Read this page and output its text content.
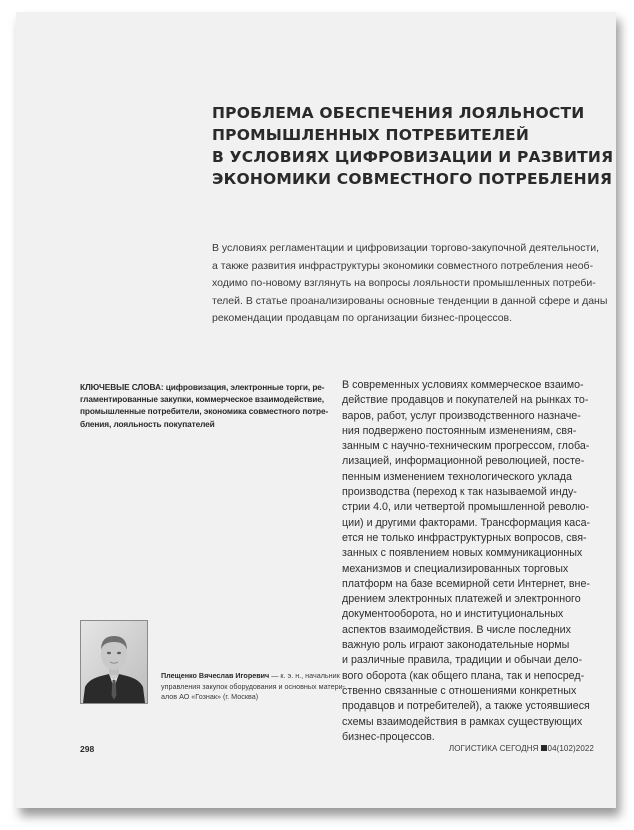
ПРОБЛЕМА ОБЕСПЕЧЕНИЯ ЛОЯЛЬНОСТИ
ПРОМЫШЛЕННЫХ ПОТРЕБИТЕЛЕЙ
В УСЛОВИЯХ ЦИФРОВИЗАЦИИ И РАЗВИТИЯ
ЭКОНОМИКИ СОВМЕСТНОГО ПОТРЕБЛЕНИЯ
В условиях регламентации и цифровизации торгово-закупочной деятельности,
а также развития инфраструктуры экономики совместного потребления необ-
ходимо по-новому взглянуть на вопросы лояльности промышленных потреби-
телей. В статье проанализированы основные тенденции в данной сфере и даны
рекомендации продавцам по организации бизнес-процессов.
КЛЮЧЕВЫЕ СЛОВА: цифровизация, электронные торги, ре-
гламентированные закупки, коммерческое взаимодействие,
промышленные потребители, экономика совместного потре-
бления, лояльность покупателей
В современных условиях коммерческое взаимо-
действие продавцов и покупателей на рынках то-
варов, работ, услуг производственного назначе-
ния подвержено постоянным изменениям, свя-
занным с научно-техническим прогрессом, глоба-
лизацией, информационной революцией, посте-
пенным изменением технологического уклада
производства (переход к так называемой инду-
стрии 4.0, или четвертой промышленной револю-
ции) и другими факторами. Трансформация каса-
ется не только инфраструктурных вопросов, свя-
занных с появлением новых коммуникационных
механизмов и специализированных торговых
платформ на базе всемирной сети Интернет, вне-
дрением электронных платежей и электронного
документооборота, но и институциональных
аспектов взаимодействия. В числе последних
важную роль играют законодательные нормы
и различные правила, традиции и обычаи дело-
вого оборота (как общего плана, так и непосред-
ственно связанные с отношениями конкретных
продавцов и потребителей), а также устоявшиеся
схемы взаимодействия в рамках существующих
бизнес-процессов.
Плещенко Вячеслав Игоревич — к. э. н., начальник
управления закупок оборудования и основных матери-
алов АО «Гознак» (г. Москва)
298	ЛОГИСТИКА СЕГОДНЯ 04(102)2022
